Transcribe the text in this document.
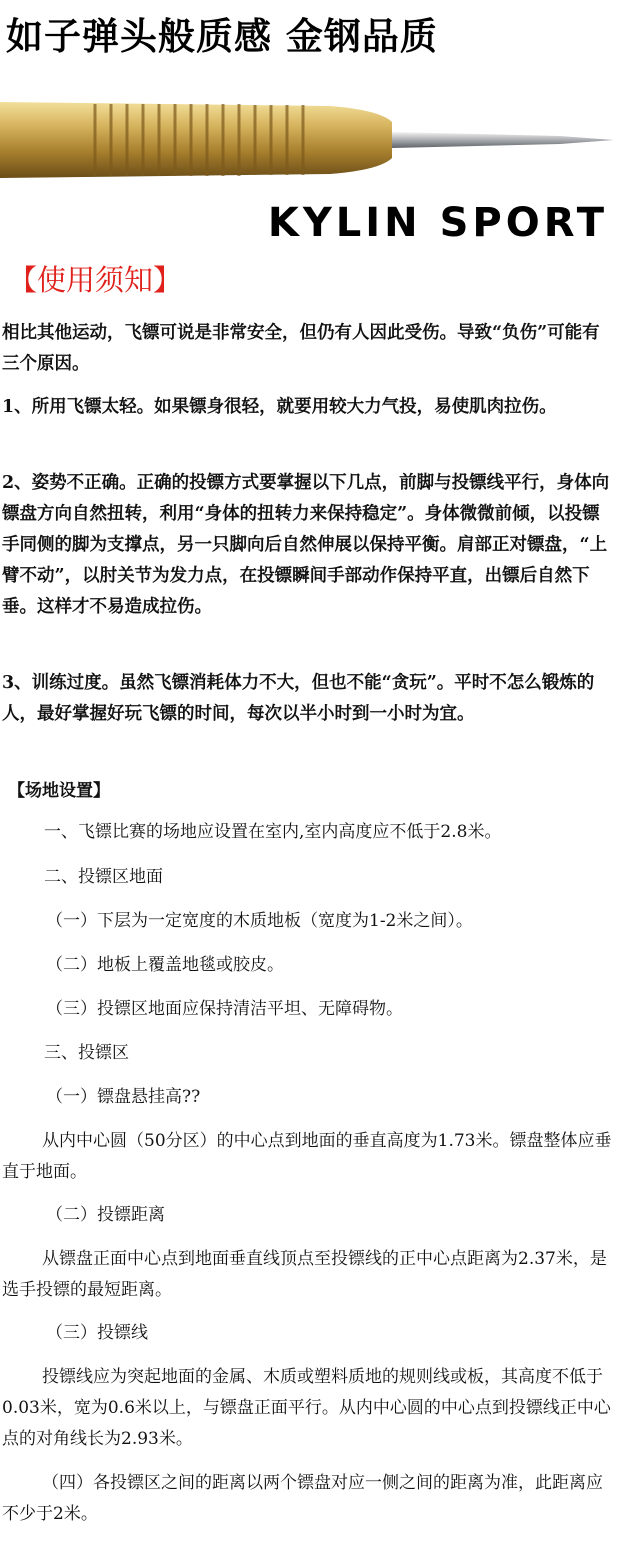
如子弹头般质感 金钢品质
KYLIN SPORT
【使用须知】

相比其他运动，飞镖可说是非常安全，但仍有人因此受伤。导致“负伤”可能有三个原因。

1、所用飞镖太轻。如果镖身很轻，就要用较大力气投，易使肌肉拉伤。

2、姿势不正确。正确的投镖方式要掌握以下几点，前脚与投镖线平行，身体向镖盘方向自然扭转，利用“身体的扭转力来保持稳定”。身体微微前倾，以投镖手同侧的脚为支撑点，另一只脚向后自然伸展以保持平衡。肩部正对镖盘，“上臂不动”，以肘关节为发力点，在投镖瞬间手部动作保持平直，出镖后自然下垂。这样才不易造成拉伤。

3、训练过度。虽然飞镖消耗体力不大，但也不能“贪玩”。平时不怎么锻炼的人，最好掌握好玩飞镖的时间，每次以半小时到一小时为宜。

【场地设置】

一、飞镖比赛的场地应设置在室内,室内高度应不低于2.8米。

二、投镖区地面

（一）下层为一定宽度的木质地板（宽度为1-2米之间）。

（二）地板上覆盖地毯或胶皮。

（三）投镖区地面应保持清洁平坦、无障碍物。

三、投镖区

（一）镖盘悬挂高??

从内中心圆（50分区）的中心点到地面的垂直高度为1.73米。镖盘整体应垂直于地面。

（二）投镖距离

从镖盘正面中心点到地面垂直线顶点至投镖线的正中心点距离为2.37米，是选手投镖的最短距离。

（三）投镖线

投镖线应为突起地面的金属、木质或塑料质地的规则线或板，其高度不低于0.03米，宽为0.6米以上，与镖盘正面平行。从内中心圆的中心点到投镖线正中心点的对角线长为2.93米。

（四）各投镖区之间的距离以两个镖盘对应一侧之间的距离为准，此距离应不少于2米。
